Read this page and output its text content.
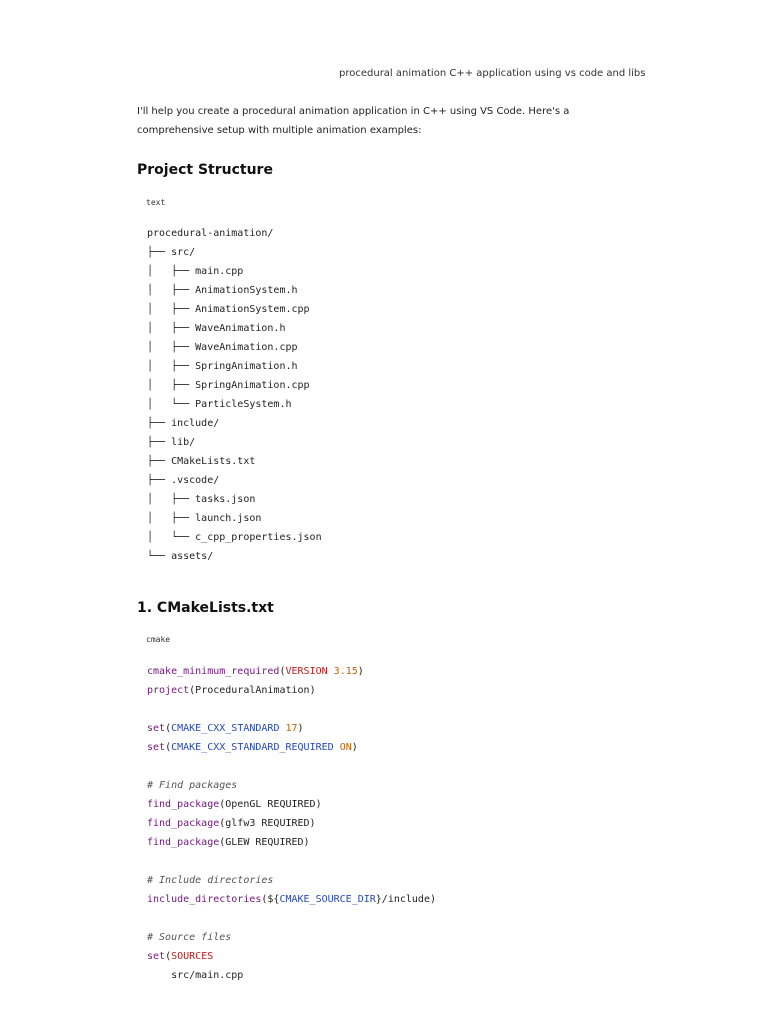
procedural animation C++ application using vs code and libs
I'll help you create a procedural animation application in C++ using VS Code. Here's a comprehensive setup with multiple animation examples:
Project Structure
text
procedural-animation/
├── src/
│   ├── main.cpp
│   ├── AnimationSystem.h
│   ├── AnimationSystem.cpp
│   ├── WaveAnimation.h
│   ├── WaveAnimation.cpp
│   ├── SpringAnimation.h
│   ├── SpringAnimation.cpp
│   └── ParticleSystem.h
├── include/
├── lib/
├── CMakeLists.txt
├── .vscode/
│   ├── tasks.json
│   ├── launch.json
│   └── c_cpp_properties.json
└── assets/
1. CMakeLists.txt
cmake
cmake_minimum_required(VERSION 3.15)
project(ProceduralAnimation)
set(CMAKE_CXX_STANDARD 17)
set(CMAKE_CXX_STANDARD_REQUIRED ON)
# Find packages
find_package(OpenGL REQUIRED)
find_package(glfw3 REQUIRED)
find_package(GLEW REQUIRED)
# Include directories
include_directories(${CMAKE_SOURCE_DIR}/include)
# Source files
set(SOURCES
src/main.cpp
